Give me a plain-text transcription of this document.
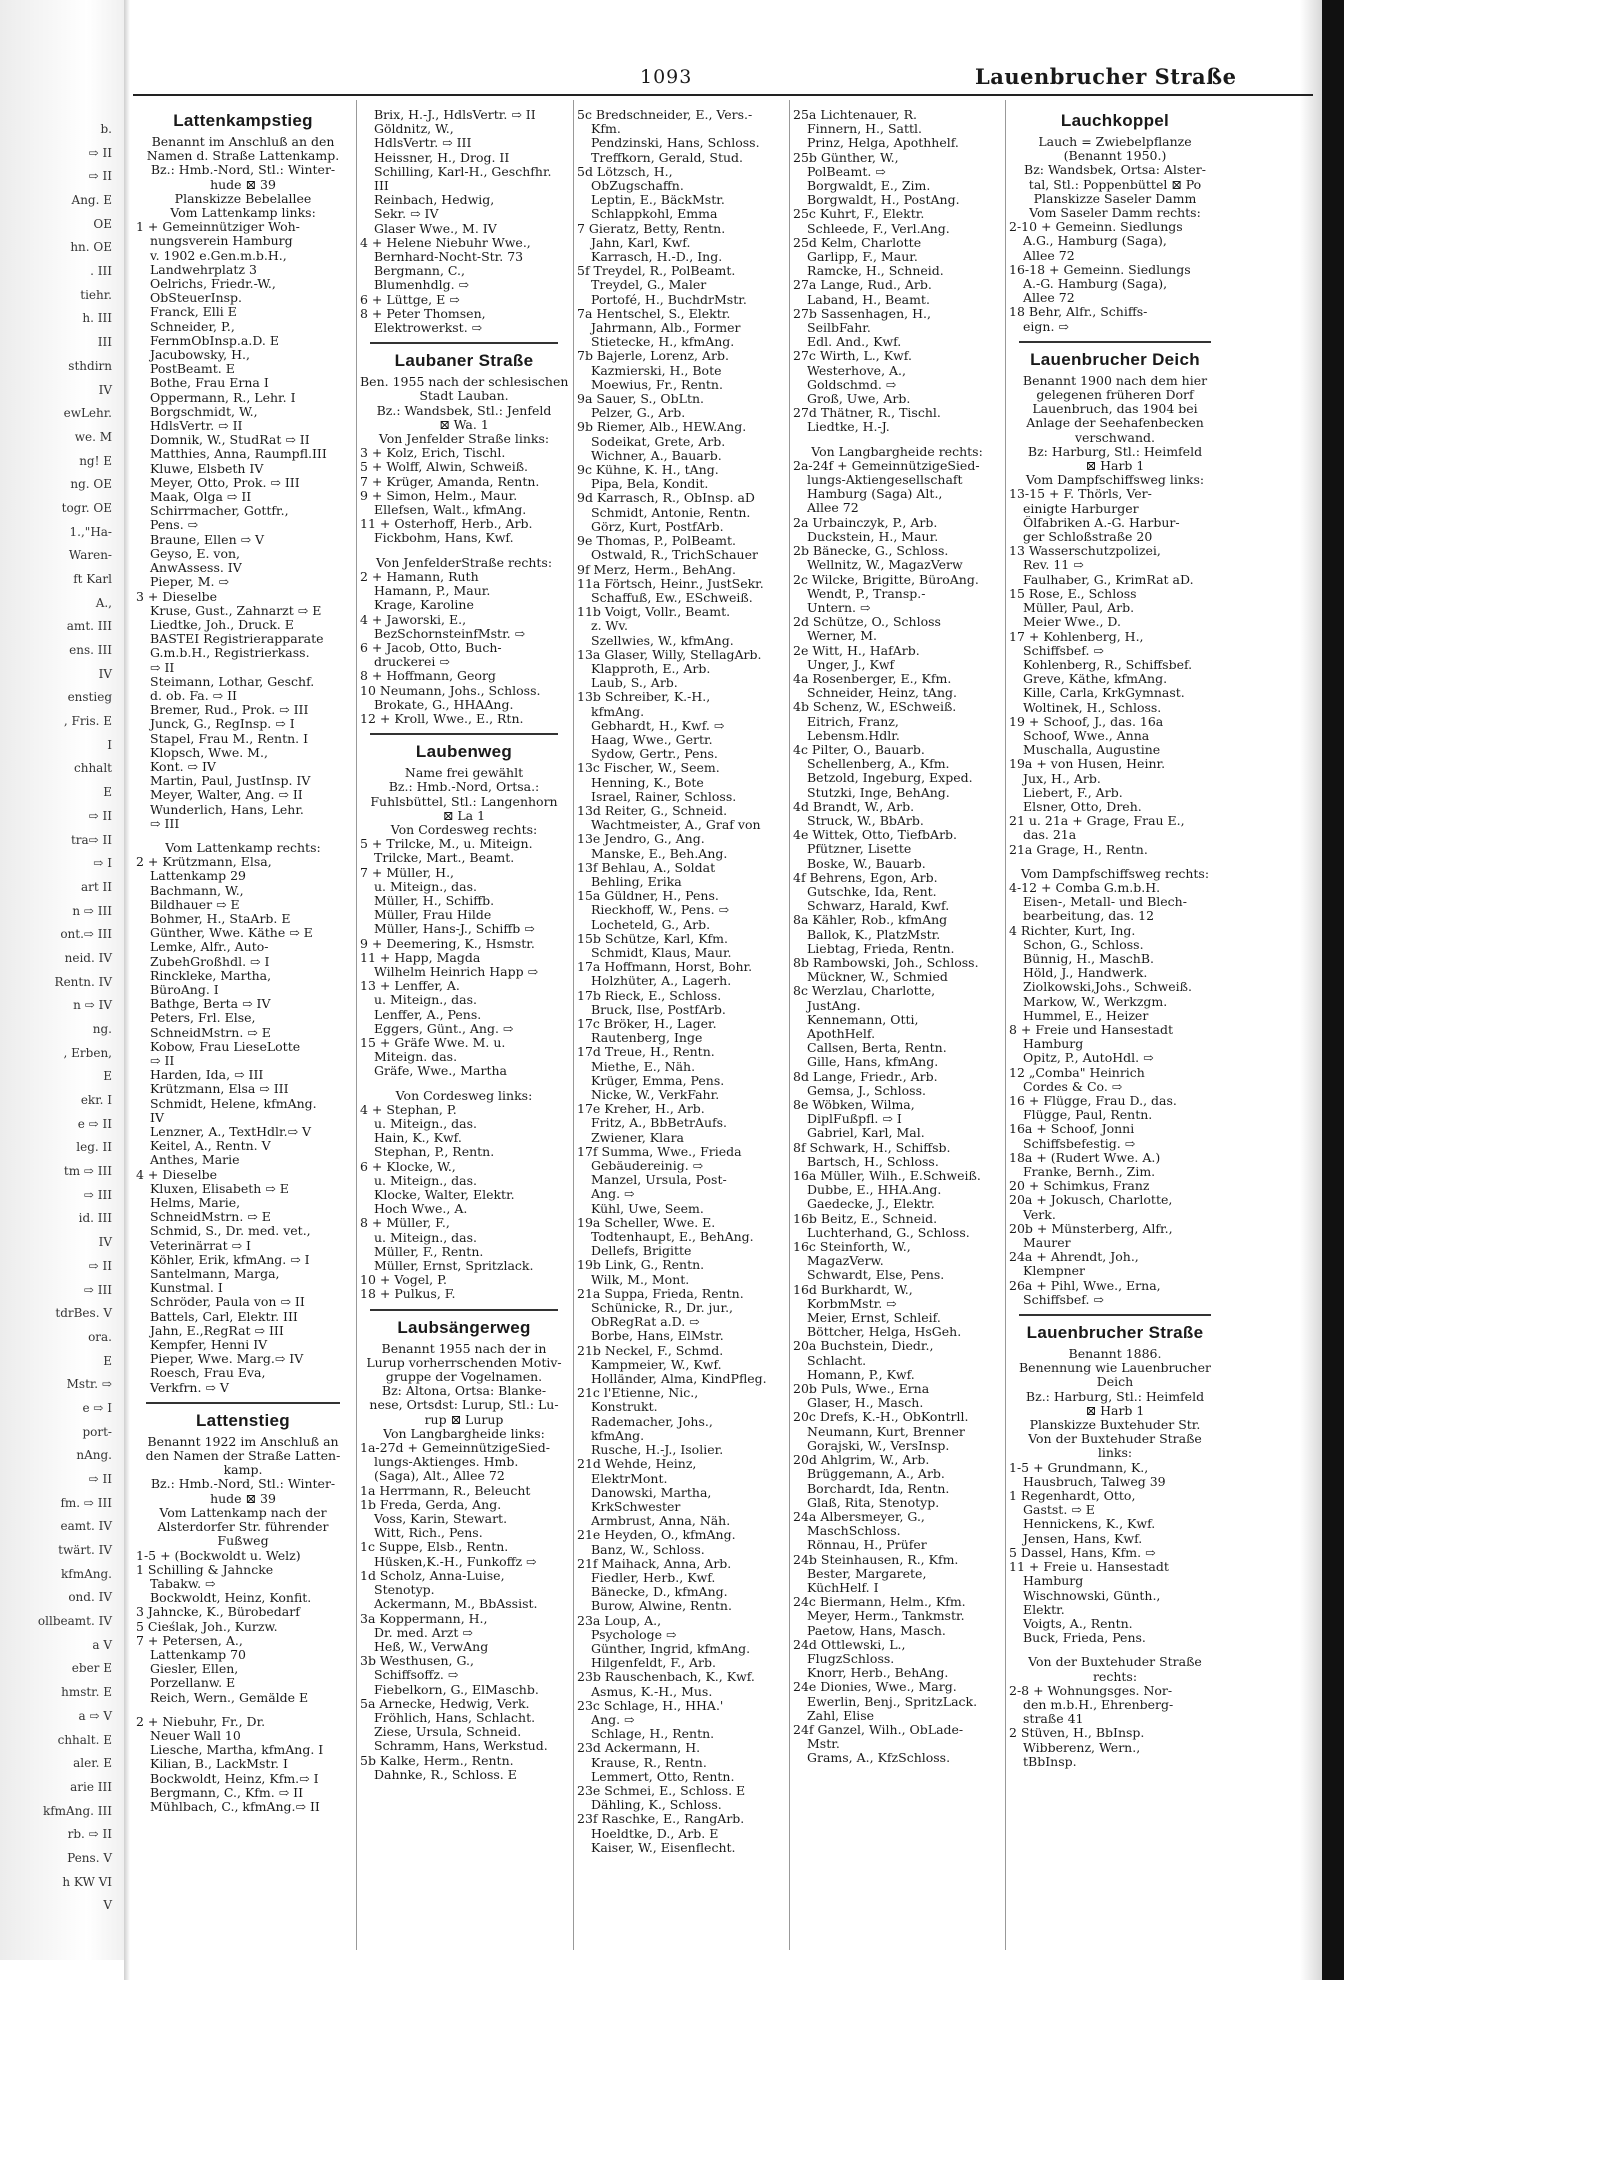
b.
⇨ II
⇨ II
Ang. E
OE
hn. OE
. III
tiehr.
h. III
III
sthdirn
IV
ewLehr.
we. M
ng! E
ng. OE
togr. OE
1.,"Ha-
Waren-
ft Karl
A.,
amt. III
ens. III
IV
enstieg
, Fris. E
I
chhalt
E
⇨ II
tra⇨ II
⇨ I
art II
n ⇨ III
ont.⇨ III
neid. IV
Rentn. IV
n ⇨ IV
ng.
, Erben,
E
ekr. I
e ⇨ II
leg. II
tm ⇨ III
⇨ III
id. III
IV
⇨ II
⇨ III
tdrBes. V
ora.
E
Mstr. ⇨
e ⇨ I
port-
nAng.
⇨ II
fm. ⇨ III
eamt. IV
twärt. IV
kfmAng.
ond. IV
ollbeamt. IV
a V
eber E
hmstr. E
a ⇨ V
chhalt. E
aler. E
arie III
kfmAng. III
rb. ⇨ II
Pens. V
h KW VI
V
1093	Lauenbrucher Straße
Lattenkampstieg
Benannt im Anschluß an den
Namen d. Straße Lattenkamp.
Bz.: Hmb.-Nord, Stl.: Winter-
hude ⊠ 39
Planskizze Bebelallee
Vom Lattenkamp links:
1 + Gemeinnütziger Woh-
nungsverein Hamburg
v. 1902 e.Gen.m.b.H.,
Landwehrplatz 3
Oelrichs, Friedr.-W.,
ObSteuerInsp.
Franck, Elli E
Schneider, P.,
FernmObInsp.a.D. E
Jacubowsky, H.,
PostBeamt. E
Bothe, Frau Erna I
Oppermann, R., Lehr. I
Borgschmidt, W.,
HdlsVertr. ⇨ II
Domnik, W., StudRat ⇨ II
Matthies, Anna, Raumpfl.III
Kluwe, Elsbeth IV
Meyer, Otto, Prok. ⇨ III
Maak, Olga ⇨ II
Schirrmacher, Gottfr.,
Pens. ⇨
Braune, Ellen ⇨ V
Geyso, E. von,
AnwAssess. IV
Pieper, M. ⇨
3 + Dieselbe
Kruse, Gust., Zahnarzt ⇨ E
Liedtke, Joh., Druck. E
BASTEI Registrierapparate
G.m.b.H., Registrierkass.
⇨ II
Steimann, Lothar, Geschf.
d. ob. Fa. ⇨ II
Bremer, Rud., Prok. ⇨ III
Junck, G., RegInsp. ⇨ I
Stapel, Frau M., Rentn. I
Klopsch, Wwe. M.,
Kont. ⇨ IV
Martin, Paul, JustInsp. IV
Meyer, Walter, Ang. ⇨ II
Wunderlich, Hans, Lehr.
⇨ III
Vom Lattenkamp rechts:
2 + Krützmann, Elsa,
Lattenkamp 29
Bachmann, W.,
Bildhauer ⇨ E
Bohmer, H., StaArb. E
Günther, Wwe. Käthe ⇨ E
Lemke, Alfr., Auto-
ZubehGroßhdl. ⇨ I
Rinckleke, Martha,
BüroAng. I
Bathge, Berta ⇨ IV
Peters, Frl. Else,
SchneidMstrn. ⇨ E
Kobow, Frau LieseLotte
⇨ II
Harden, Ida, ⇨ III
Krützmann, Elsa ⇨ III
Schmidt, Helene, kfmAng.
IV
Lenzner, A., TextHdlr.⇨ V
Keitel, A., Rentn. V
Anthes, Marie
4 + Dieselbe
Kluxen, Elisabeth ⇨ E
Helms, Marie,
SchneidMstrn. ⇨ E
Schmid, S., Dr. med. vet.,
Veterinärrat ⇨ I
Köhler, Erik, kfmAng. ⇨ I
Santelmann, Marga,
Kunstmal. I
Schröder, Paula von ⇨ II
Battels, Carl, Elektr. III
Jahn, E.,RegRat ⇨ III
Kempfer, Henni IV
Pieper, Wwe. Marg.⇨ IV
Roesch, Frau Eva,
Verkfrn. ⇨ V
Lattenstieg
Benannt 1922 im Anschluß an
den Namen der Straße Latten-
kamp.
Bz.: Hmb.-Nord, Stl.: Winter-
hude ⊠ 39
Vom Lattenkamp nach der
Alsterdorfer Str. führender
Fußweg
1-5 + (Bockwoldt u. Welz)
1 Schilling & Jahncke
Tabakw. ⇨
Bockwoldt, Heinz, Konfit.
3 Jahncke, K., Bürobedarf
5 Cieślak, Joh., Kurzw.
7 + Petersen, A.,
Lattenkamp 70
Giesler, Ellen,
Porzellanw. E
Reich, Wern., Gemälde E
2 + Niebuhr, Fr., Dr.
Neuer Wall 10
Liesche, Martha, kfmAng. I
Kilian, B., LackMstr. I
Bockwoldt, Heinz, Kfm.⇨ I
Bergmann, C., Kfm. ⇨ II
Mühlbach, C., kfmAng.⇨ II
Brix, H.-J., HdlsVertr. ⇨ II
Göldnitz, W.,
HdlsVertr. ⇨ III
Heissner, H., Drog. II
Schilling, Karl-H., Geschfhr.
III
Reinbach, Hedwig,
Sekr. ⇨ IV
Glaser Wwe., M. IV
4 + Helene Niebuhr Wwe.,
Bernhard-Nocht-Str. 73
Bergmann, C.,
Blumenhdlg. ⇨
6 + Lüttge, E ⇨
8 + Peter Thomsen,
Elektrowerkst. ⇨
Laubaner Straße
Ben. 1955 nach der schlesischen
Stadt Lauban.
Bz.: Wandsbek, Stl.: Jenfeld
⊠ Wa. 1
Von Jenfelder Straße links:
3 + Kolz, Erich, Tischl.
5 + Wolff, Alwin, Schweiß.
7 + Krüger, Amanda, Rentn.
9 + Simon, Helm., Maur.
Ellefsen, Walt., kfmAng.
11 + Osterhoff, Herb., Arb.
Fickbohm, Hans, Kwf.
Von JenfelderStraße rechts:
2 + Hamann, Ruth
Hamann, P., Maur.
Krage, Karoline
4 + Jaworski, E.,
BezSchornsteinfMstr. ⇨
6 + Jacob, Otto, Buch-
druckerei ⇨
8 + Hoffmann, Georg
10 Neumann, Johs., Schloss.
Brokate, G., HHAAng.
12 + Kroll, Wwe., E., Rtn.
Laubenweg
Name frei gewählt
Bz.: Hmb.-Nord, Ortsa.:
Fuhlsbüttel, Stl.: Langenhorn
⊠ La 1
Von Cordesweg rechts:
5 + Trilcke, M., u. Miteign.
Trilcke, Mart., Beamt.
7 + Müller, H.,
u. Miteign., das.
Müller, H., Schiffb.
Müller, Frau Hilde
Müller, Hans-J., Schiffb ⇨
9 + Deemering, K., Hsmstr.
11 + Happ, Magda
Wilhelm Heinrich Happ ⇨
13 + Lenffer, A.
u. Miteign., das.
Lenffer, A., Pens.
Eggers, Günt., Ang. ⇨
15 + Gräfe Wwe. M. u.
Miteign. das.
Gräfe, Wwe., Martha
Von Cordesweg links:
4 + Stephan, P.
u. Miteign., das.
Hain, K., Kwf.
Stephan, P., Rentn.
6 + Klocke, W.,
u. Miteign., das.
Klocke, Walter, Elektr.
Hoch Wwe., A.
8 + Müller, F.,
u. Miteign., das.
Müller, F., Rentn.
Müller, Ernst, Spritzlack.
10 + Vogel, P.
18 + Pulkus, F.
Laubsängerweg
Benannt 1955 nach der in
Lurup vorherrschenden Motiv-
gruppe der Vogelnamen.
Bz: Altona, Ortsa: Blanke-
nese, Ortsdst: Lurup, Stl.: Lu-
rup ⊠ Lurup
Von Langbargheide links:
1a-27d + GemeinnützigeSied-
lungs-Aktienges. Hmb.
(Saga), Alt., Allee 72
1a Herrmann, R., Beleucht
1b Freda, Gerda, Ang.
Voss, Karin, Stewart.
Witt, Rich., Pens.
1c Suppe, Elsb., Rentn.
Hüsken,K.-H., Funkoffz ⇨
1d Scholz, Anna-Luise,
Stenotyp.
Ackermann, M., BbAssist.
3a Koppermann, H.,
Dr. med. Arzt ⇨
Heß, W., VerwAng
3b Westhusen, G.,
Schiffsoffz. ⇨
Fiebelkorn, G., ElMaschb.
5a Arnecke, Hedwig, Verk.
Fröhlich, Hans, Schlacht.
Ziese, Ursula, Schneid.
Schramm, Hans, Werkstud.
5b Kalke, Herm., Rentn.
Dahnke, R., Schloss. E
5c Bredschneider, E., Vers.-
Kfm.
Pendzinski, Hans, Schloss.
Treffkorn, Gerald, Stud.
5d Lötzsch, H.,
ObZugschaffn.
Leptin, E., BäckMstr.
Schlappkohl, Emma
7 Gieratz, Betty, Rentn.
Jahn, Karl, Kwf.
Karrasch, H.-D., Ing.
5f Treydel, R., PolBeamt.
Treydel, G., Maler
Portofé, H., BuchdrMstr.
7a Hentschel, S., Elektr.
Jahrmann, Alb., Former
Stietecke, H., kfmAng.
7b Bajerle, Lorenz, Arb.
Kazmierski, H., Bote
Moewius, Fr., Rentn.
9a Sauer, S., ObLtn.
Pelzer, G., Arb.
9b Riemer, Alb., HEW.Ang.
Sodeikat, Grete, Arb.
Wichner, A., Bauarb.
9c Kühne, K. H., tAng.
Pipa, Bela, Kondit.
9d Karrasch, R., ObInsp. aD
Schmidt, Antonie, Rentn.
Görz, Kurt, PostfArb.
9e Thomas, P., PolBeamt.
Ostwald, R., TrichSchauer
9f Merz, Herm., BehAng.
11a Förtsch, Heinr., JustSekr.
Schaffuß, Ew., ESchweiß.
11b Voigt, Vollr., Beamt.
z. Wv.
Szellwies, W., kfmAng.
13a Glaser, Willy, StellagArb.
Klapproth, E., Arb.
Laub, S., Arb.
13b Schreiber, K.-H.,
kfmAng.
Gebhardt, H., Kwf. ⇨
Haag, Wwe., Gertr.
Sydow, Gertr., Pens.
13c Fischer, W., Seem.
Henning, K., Bote
Israel, Rainer, Schloss.
13d Reiter, G., Schneid.
Wachtmeister, A., Graf von
13e Jendro, G., Ang.
Manske, E., Beh.Ang.
13f Behlau, A., Soldat
Behling, Erika
15a Güldner, H., Pens.
Rieckhoff, W., Pens. ⇨
Locheteld, G., Arb.
15b Schütze, Karl, Kfm.
Schmidt, Klaus, Maur.
17a Hoffmann, Horst, Bohr.
Holzhüter, A., Lagerh.
17b Rieck, E., Schloss.
Bruck, Ilse, PostfArb.
17c Bröker, H., Lager.
Rautenberg, Inge
17d Treue, H., Rentn.
Miethe, E., Näh.
Krüger, Emma, Pens.
Nicke, W., VerkFahr.
17e Kreher, H., Arb.
Fritz, A., BbBetrAufs.
Zwiener, Klara
17f Summa, Wwe., Frieda
Gebäudereinig. ⇨
Manzel, Ursula, Post-
Ang. ⇨
Kühl, Uwe, Seem.
19a Scheller, Wwe. E.
Todtenhaupt, E., BehAng.
Dellefs, Brigitte
19b Link, G., Rentn.
Wilk, M., Mont.
21a Suppa, Frieda, Rentn.
Schünicke, R., Dr. jur.,
ObRegRat a.D. ⇨
Borbe, Hans, ElMstr.
21b Neckel, F., Schmd.
Kampmeier, W., Kwf.
Holländer, Alma, KindPfleg.
21c l'Etienne, Nic.,
Konstrukt.
Rademacher, Johs.,
kfmAng.
Rusche, H.-J., Isolier.
21d Wehde, Heinz,
ElektrMont.
Danowski, Martha,
KrkSchwester
Armbrust, Anna, Näh.
21e Heyden, O., kfmAng.
Banz, W., Schloss.
21f Maihack, Anna, Arb.
Fiedler, Herb., Kwf.
Bänecke, D., kfmAng.
Burow, Alwine, Rentn.
23a Loup, A.,
Psychologe ⇨
Günther, Ingrid, kfmAng.
Hilgenfeldt, F., Arb.
23b Rauschenbach, K., Kwf.
Asmus, K.-H., Mus.
23c Schlage, H., HHA.'
Ang. ⇨
Schlage, H., Rentn.
23d Ackermann, H.
Krause, R., Rentn.
Lemmert, Otto, Rentn.
23e Schmei, E., Schloss. E
Dähling, K., Schloss.
23f Raschke, E., RangArb.
Hoeldtke, D., Arb. E
Kaiser, W., Eisenflecht.
25a Lichtenauer, R.
Finnern, H., Sattl.
Prinz, Helga, Apothhelf.
25b Günther, W.,
PolBeamt. ⇨
Borgwaldt, E., Zim.
Borgwaldt, H., PostAng.
25c Kuhrt, F., Elektr.
Schleede, F., Verl.Ang.
25d Kelm, Charlotte
Garlipp, F., Maur.
Ramcke, H., Schneid.
27a Lange, Rud., Arb.
Laband, H., Beamt.
27b Sassenhagen, H.,
SeilbFahr.
Edl. And., Kwf.
27c Wirth, L., Kwf.
Westerhove, A.,
Goldschmd. ⇨
Groß, Uwe, Arb.
27d Thätner, R., Tischl.
Liedtke, H.-J.
Von Langbargheide rechts:
2a-24f + GemeinnützigeSied-
lungs-Aktiengesellschaft
Hamburg (Saga) Alt.,
Allee 72
2a Urbainczyk, P., Arb.
Duckstein, H., Maur.
2b Bänecke, G., Schloss.
Wellnitz, W., MagazVerw
2c Wilcke, Brigitte, BüroAng.
Wendt, P., Transp.-
Untern. ⇨
2d Schütze, O., Schloss
Werner, M.
2e Witt, H., HafArb.
Unger, J., Kwf
4a Rosenberger, E., Kfm.
Schneider, Heinz, tAng.
4b Schenz, W., ESchweiß.
Eitrich, Franz,
Lebensm.Hdlr.
4c Pilter, O., Bauarb.
Schellenberg, A., Kfm.
Betzold, Ingeburg, Exped.
Stutzki, Inge, BehAng.
4d Brandt, W., Arb.
Struck, W., BbArb.
4e Wittek, Otto, TiefbArb.
Pfützner, Lisette
Boske, W., Bauarb.
4f Behrens, Egon, Arb.
Gutschke, Ida, Rent.
Schwarz, Harald, Kwf.
8a Kähler, Rob., kfmAng
Ballok, K., PlatzMstr.
Liebtag, Frieda, Rentn.
8b Rambowski, Joh., Schloss.
Mückner, W., Schmied
8c Werzlau, Charlotte,
JustAng.
Kennemann, Otti,
ApothHelf.
Callsen, Berta, Rentn.
Gille, Hans, kfmAng.
8d Lange, Friedr., Arb.
Gemsa, J., Schloss.
8e Wöbken, Wilma,
DiplFußpfl. ⇨ I
Gabriel, Karl, Mal.
8f Schwark, H., Schiffsb.
Bartsch, H., Schloss.
16a Müller, Wilh., E.Schweiß.
Dubbe, E., HHA.Ang.
Gaedecke, J., Elektr.
16b Beitz, E., Schneid.
Luchterhand, G., Schloss.
16c Steinforth, W.,
MagazVerw.
Schwardt, Else, Pens.
16d Burkhardt, W.,
KorbmMstr. ⇨
Meier, Ernst, Schleif.
Böttcher, Helga, HsGeh.
20a Buchstein, Diedr.,
Schlacht.
Homann, P., Kwf.
20b Puls, Wwe., Erna
Glaser, H., Masch.
20c Drefs, K.-H., ObKontrll.
Neumann, Kurt, Brenner
Gorajski, W., VersInsp.
20d Ahlgrim, W., Arb.
Brüggemann, A., Arb.
Borchardt, Ida, Rentn.
Glaß, Rita, Stenotyp.
24a Albersmeyer, G.,
MaschSchloss.
Rönnau, H., Prüfer
24b Steinhausen, R., Kfm.
Bester, Margarete,
KüchHelf. I
24c Biermann, Helm., Kfm.
Meyer, Herm., Tankmstr.
Paetow, Hans, Masch.
24d Ottlewski, L.,
FlugzSchloss.
Knorr, Herb., BehAng.
24e Dionies, Wwe., Marg.
Ewerlin, Benj., SpritzLack.
Zahl, Elise
24f Ganzel, Wilh., ObLade-
Mstr.
Grams, A., KfzSchloss.
Lauchkoppel
Lauch = Zwiebelpflanze
(Benannt 1950.)
Bz: Wandsbek, Ortsa: Alster-
tal, Stl.: Poppenbüttel ⊠ Po
Planskizze Saseler Damm
Vom Saseler Damm rechts:
2-10 + Gemeinn. Siedlungs
A.G., Hamburg (Saga),
Allee 72
16-18 + Gemeinn. Siedlungs
A.-G. Hamburg (Saga),
Allee 72
18 Behr, Alfr., Schiffs-
eign. ⇨
Lauenbrucher Deich
Benannt 1900 nach dem hier
gelegenen früheren Dorf
Lauenbruch, das 1904 bei
Anlage der Seehafenbecken
verschwand.
Bz: Harburg, Stl.: Heimfeld
⊠ Harb 1
Vom Dampfschiffsweg links:
13-15 + F. Thörls, Ver-
einigte Harburger
Ölfabriken A.-G. Harbur-
ger Schloßstraße 20
13 Wasserschutzpolizei,
Rev. 11 ⇨
Faulhaber, G., KrimRat aD.
15 Rose, E., Schloss
Müller, Paul, Arb.
Meier Wwe., D.
17 + Kohlenberg, H.,
Schiffsbef. ⇨
Kohlenberg, R., Schiffsbef.
Greve, Käthe, kfmAng.
Kille, Carla, KrkGymnast.
Woltinek, H., Schloss.
19 + Schoof, J., das. 16a
Schoof, Wwe., Anna
Muschalla, Augustine
19a + von Husen, Heinr.
Jux, H., Arb.
Liebert, F., Arb.
Elsner, Otto, Dreh.
21 u. 21a + Grage, Frau E.,
das. 21a
21a Grage, H., Rentn.
Vom Dampfschiffsweg rechts:
4-12 + Comba G.m.b.H.
Eisen-, Metall- und Blech-
bearbeitung, das. 12
4 Richter, Kurt, Ing.
Schon, G., Schloss.
Bünnig, H., MaschB.
Höld, J., Handwerk.
Ziolkowski,Johs., Schweiß.
Markow, W., Werkzgm.
Hummel, E., Heizer
8 + Freie und Hansestadt
Hamburg
Opitz, P., AutoHdl. ⇨
12 „Comba" Heinrich
Cordes & Co. ⇨
16 + Flügge, Frau D., das.
Flügge, Paul, Rentn.
16a + Schoof, Jonni
Schiffsbefestig. ⇨
18a + (Rudert Wwe. A.)
Franke, Bernh., Zim.
20 + Schimkus, Franz
20a + Jokusch, Charlotte,
Verk.
20b + Münsterberg, Alfr.,
Maurer
24a + Ahrendt, Joh.,
Klempner
26a + Pihl, Wwe., Erna,
Schiffsbef. ⇨
Lauenbrucher Straße
Benannt 1886.
Benennung wie Lauenbrucher
Deich
Bz.: Harburg, Stl.: Heimfeld
⊠ Harb 1
Planskizze Buxtehuder Str.
Von der Buxtehuder Straße
links:
1-5 + Grundmann, K.,
Hausbruch, Talweg 39
1 Regenhardt, Otto,
Gastst. ⇨ E
Hennickens, K., Kwf.
Jensen, Hans, Kwf.
5 Dassel, Hans, Kfm. ⇨
11 + Freie u. Hansestadt
Hamburg
Wischnowski, Günth.,
Elektr.
Voigts, A., Rentn.
Buck, Frieda, Pens.
Von der Buxtehuder Straße
rechts:
2-8 + Wohnungsges. Nor-
den m.b.H., Ehrenberg-
straße 41
2 Stüven, H., BbInsp.
Wibberenz, Wern.,
tBbInsp.
